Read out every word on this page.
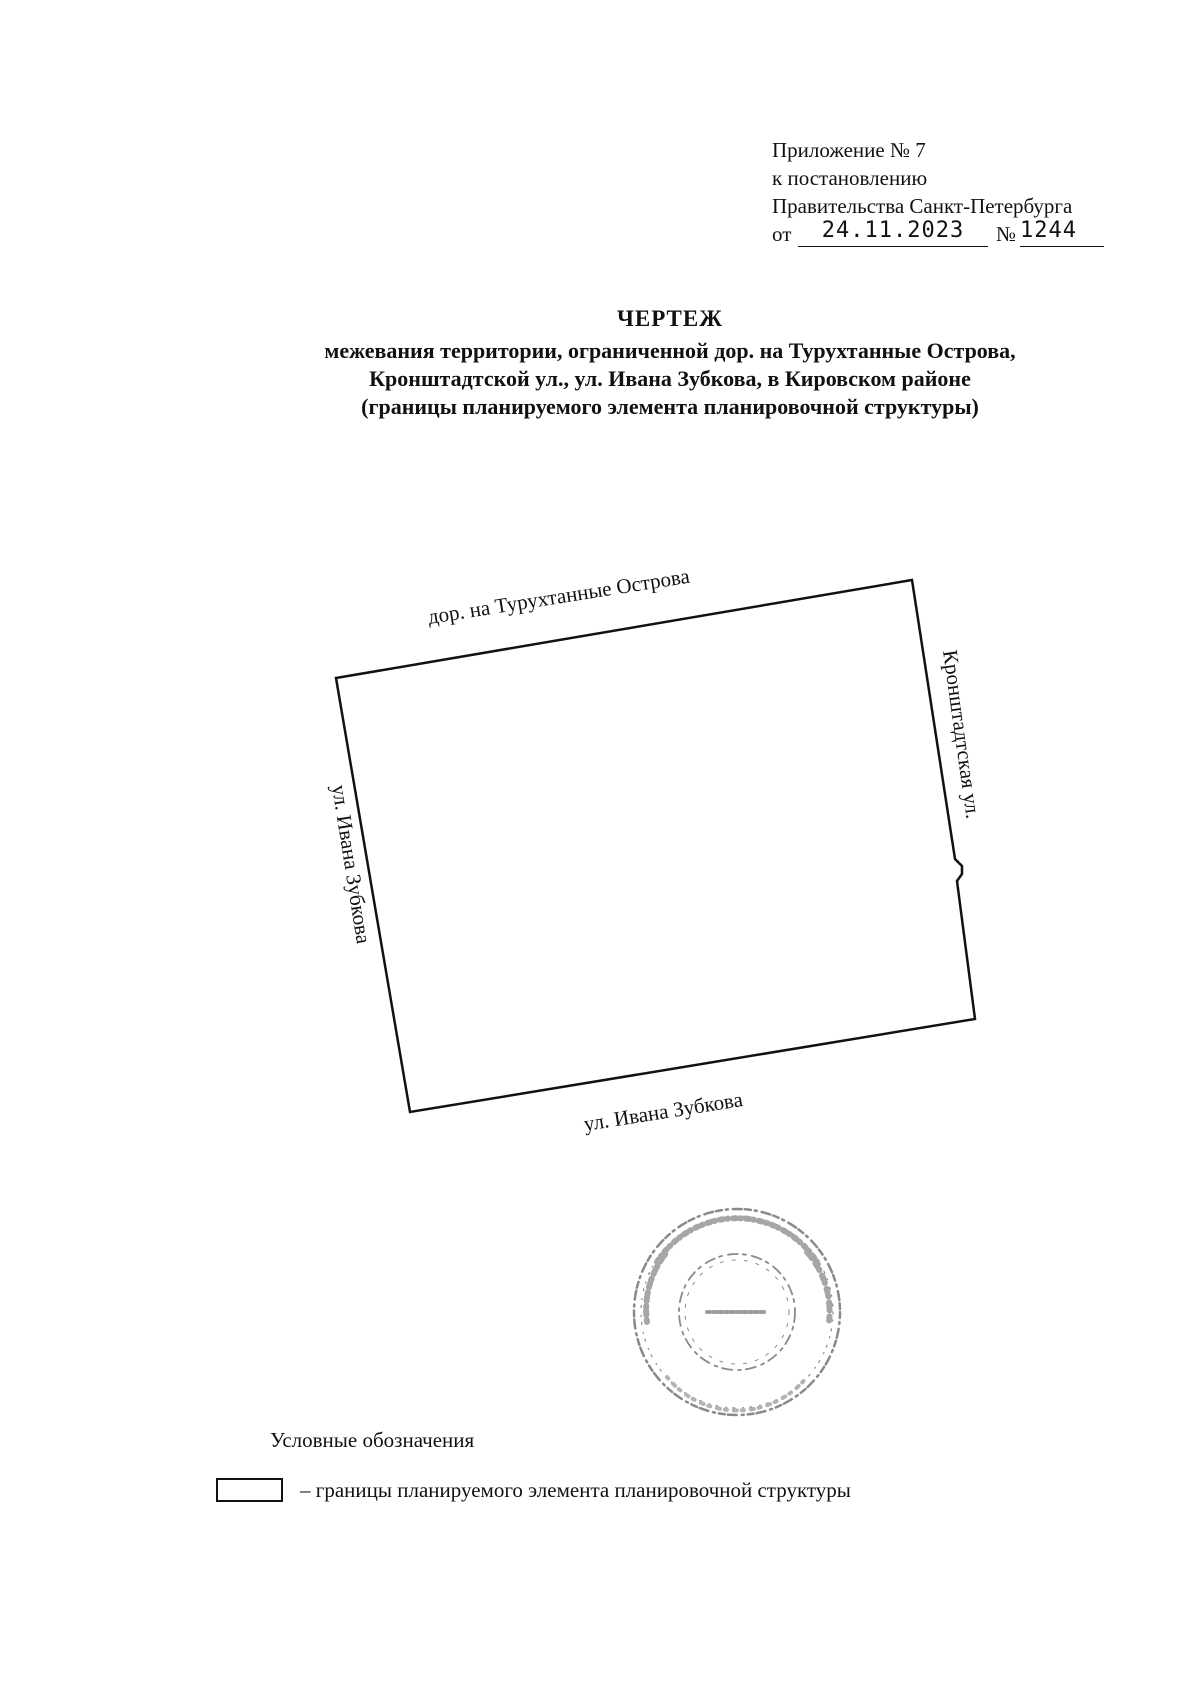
Приложение № 7
к постановлению
Правительства Санкт-Петербурга
от	24.11.2023	№ 1244
ЧЕРТЕЖ
межевания территории, ограниченной дор. на Турухтанные Острова,
Кронштадтской ул., ул. Ивана Зубкова, в Кировском районе
(границы планируемого элемента планировочной структуры)
дор. на Турухтанные Острова
Кронштадтская ул.
ул. Ивана Зубкова
ул. Ивана Зубкова
Условные обозначения
– границы планируемого элемента планировочной структуры
